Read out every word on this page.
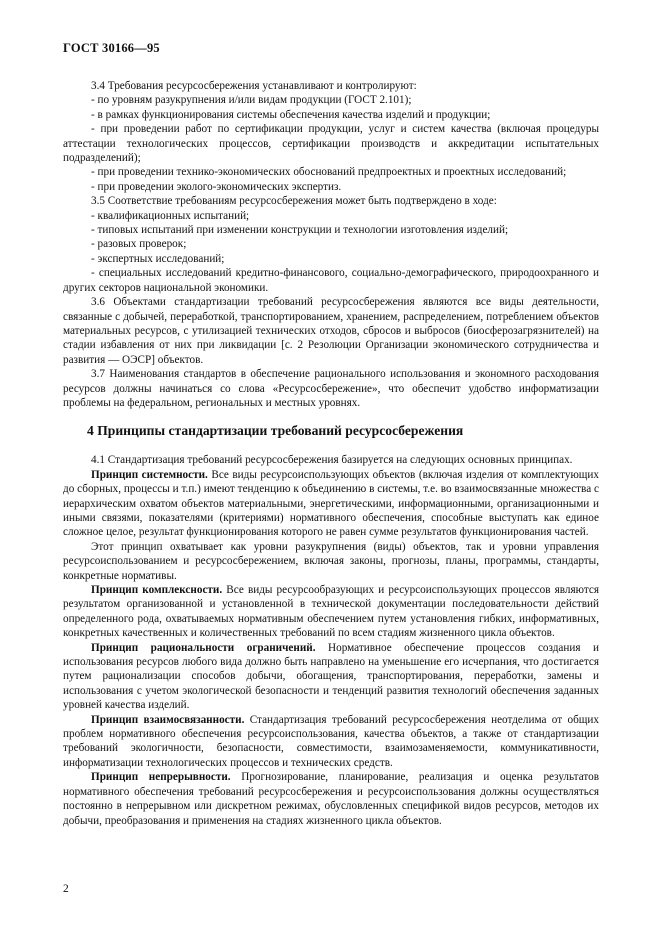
ГОСТ 30166—95

3.4 Требования ресурсосбережения устанавливают и контролируют:

- по уровням разукрупнения и/или видам продукции (ГОСТ 2.101);

- в рамках функционирования системы обеспечения качества изделий и продукции;

- при проведении работ по сертификации продукции, услуг и систем качества (включая процедуры аттестации технологических процессов, сертификации производств и аккредитации испытательных подразделений);

- при проведении технико-экономических обоснований предпроектных и проектных исследований;

- при проведении эколого-экономических экспертиз.

3.5 Соответствие требованиям ресурсосбережения может быть подтверждено в ходе:

- квалификационных испытаний;

- типовых испытаний при изменении конструкции и технологии изготовления изделий;

- разовых проверок;

- экспертных исследований;

- специальных исследований кредитно-финансового, социально-демографического, природоохранного и других секторов национальной экономики.

3.6 Объектами стандартизации требований ресурсосбережения являются все виды деятельности, связанные с добычей, переработкой, транспортированием, хранением, распределением, потреблением объектов материальных ресурсов, с утилизацией технических отходов, сбросов и выбросов (биосферозагрязнителей) на стадии избавления от них при ликвидации [с. 2 Резолюции Организации экономического сотрудничества и развития — ОЭСР] объектов.

3.7 Наименования стандартов в обеспечение рационального использования и экономного расходования ресурсов должны начинаться со слова «Ресурсосбережение», что обеспечит удобство информатизации проблемы на федеральном, региональных и местных уровнях.

4 Принципы стандартизации требований ресурсосбережения

4.1 Стандартизация требований ресурсосбережения базируется на следующих основных принципах.

Принцип системности. Все виды ресурсоиспользующих объектов (включая изделия от комплектующих до сборных, процессы и т.п.) имеют тенденцию к объединению в системы, т.е. во взаимосвязанные множества с иерархическим охватом объектов материальными, энергетическими, информационными, организационными и иными связями, показателями (критериями) нормативного обеспечения, способные выступать как единое сложное целое, результат функционирования которого не равен сумме результатов функционирования частей.

Этот принцип охватывает как уровни разукрупнения (виды) объектов, так и уровни управления ресурсоиспользованием и ресурсосбережением, включая законы, прогнозы, планы, программы, стандарты, конкретные нормативы.

Принцип комплексности. Все виды ресурсообразующих и ресурсоиспользующих процессов являются результатом организованной и установленной в технической документации последовательности действий определенного рода, охватываемых нормативным обеспечением путем установления гибких, информативных, конкретных качественных и количественных требований по всем стадиям жизненного цикла объектов.

Принцип рациональности ограничений. Нормативное обеспечение процессов создания и использования ресурсов любого вида должно быть направлено на уменьшение его исчерпания, что достигается путем рационализации способов добычи, обогащения, транспортирования, переработки, замены и использования с учетом экологической безопасности и тенденций развития технологий обеспечения заданных уровней качества изделий.

Принцип взаимосвязанности. Стандартизация требований ресурсосбережения неотделима от общих проблем нормативного обеспечения ресурсоиспользования, качества объектов, а также от стандартизации требований экологичности, безопасности, совместимости, взаимозаменяемости, коммуникативности, информатизации технологических процессов и технических средств.

Принцип непрерывности. Прогнозирование, планирование, реализация и оценка результатов нормативного обеспечения требований ресурсосбережения и ресурсоиспользования должны осуществляться постоянно в непрерывном или дискретном режимах, обусловленных спецификой видов ресурсов, методов их добычи, преобразования и применения на стадиях жизненного цикла объектов.

2
